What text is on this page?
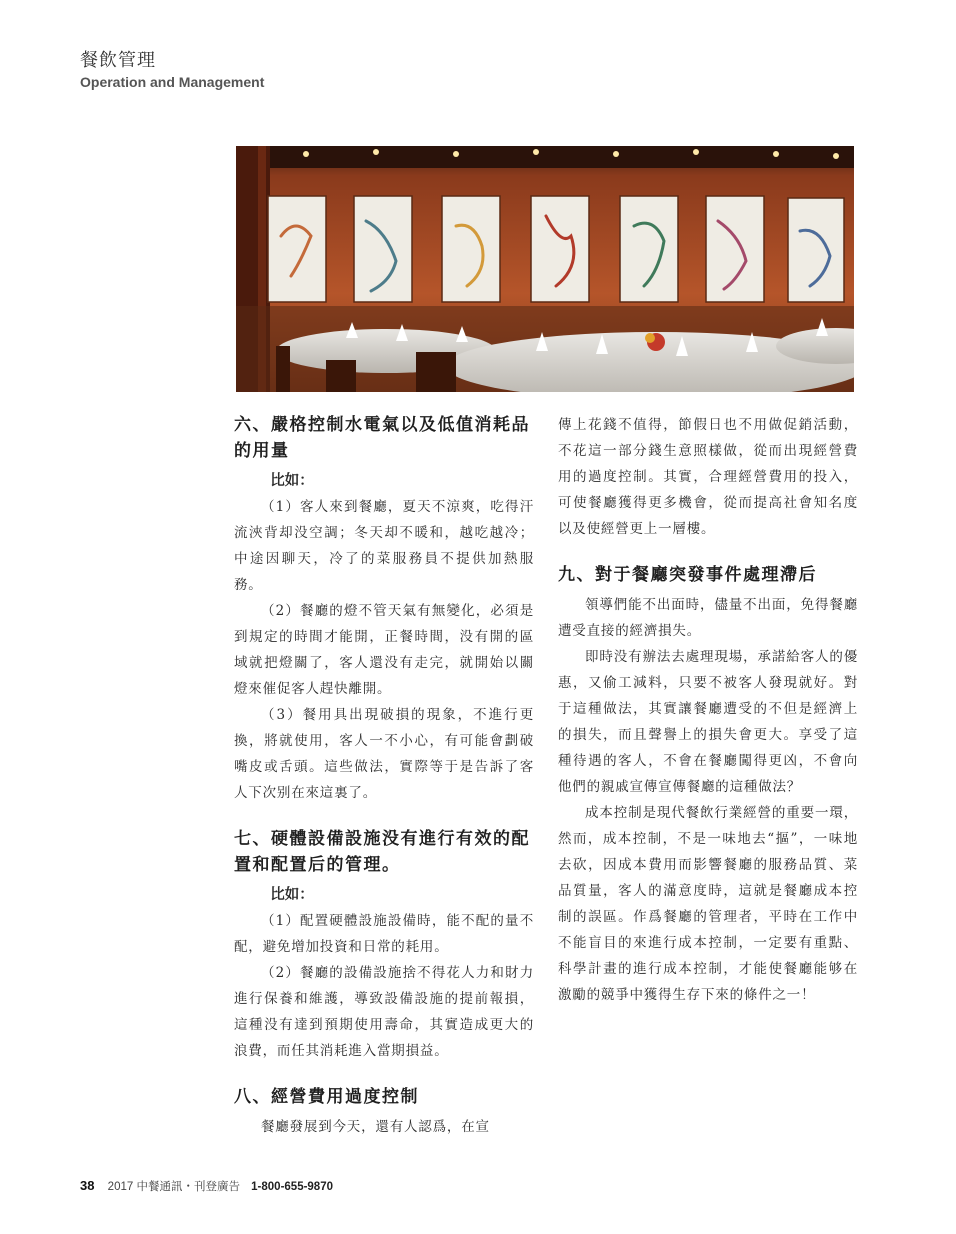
餐飲管理
Operation and Management
六、嚴格控制水電氣以及低值消耗品的用量
比如：

（1）客人來到餐廳，夏天不涼爽，吃得汗流浹背却没空調；冬天却不暖和，越吃越冷；中途因聊天，冷了的菜服務員不提供加熱服務。

（2）餐廳的燈不管天氣有無變化，必須是到規定的時間才能開，正餐時間，没有開的區域就把燈關了，客人還没有走完，就開始以關燈來催促客人趕快離開。

（3）餐用具出現破損的現象，不進行更換，將就使用，客人一不小心，有可能會劃破嘴皮或舌頭。這些做法，實際等于是告訴了客人下次别在來這裏了。

七、硬體設備設施没有進行有效的配置和配置后的管理。
比如：

（1）配置硬體設施設備時，能不配的量不配，避免增加投資和日常的耗用。

（2）餐廳的設備設施捨不得花人力和財力進行保養和維護，導致設備設施的提前報損，這種没有達到預期使用壽命，其實造成更大的浪費，而任其消耗進入當期損益。

八、經營費用過度控制

餐廳發展到今天，還有人認爲，在宣

傳上花錢不值得，節假日也不用做促銷活動，不花這一部分錢生意照樣做，從而出現經營費用的過度控制。其實，合理經營費用的投入，可使餐廳獲得更多機會，從而提高社會知名度以及使經營更上一層樓。

九、對于餐廳突發事件處理滯后

領導們能不出面時，儘量不出面，免得餐廳遭受直接的經濟損失。

即時没有辦法去處理現場，承諾給客人的優惠，又偷工減料，只要不被客人發現就好。對于這種做法，其實讓餐廳遭受的不但是經濟上的損失，而且聲譽上的損失會更大。享受了這種待遇的客人，不會在餐廳闖得更凶，不會向他們的親戚宣傳宣傳餐廳的這種做法？

成本控制是現代餐飲行業經營的重要一環，然而，成本控制，不是一味地去“摳”，一味地去砍，因成本費用而影響餐廳的服務品質、菜品質量，客人的滿意度時，這就是餐廳成本控制的誤區。作爲餐廳的管理者，平時在工作中不能盲目的來進行成本控制，一定要有重點、科學計畫的進行成本控制，才能使餐廳能够在激勵的競爭中獲得生存下來的條件之一！

38 2017 中餐通訊・刊登廣告 1-800-655-9870
